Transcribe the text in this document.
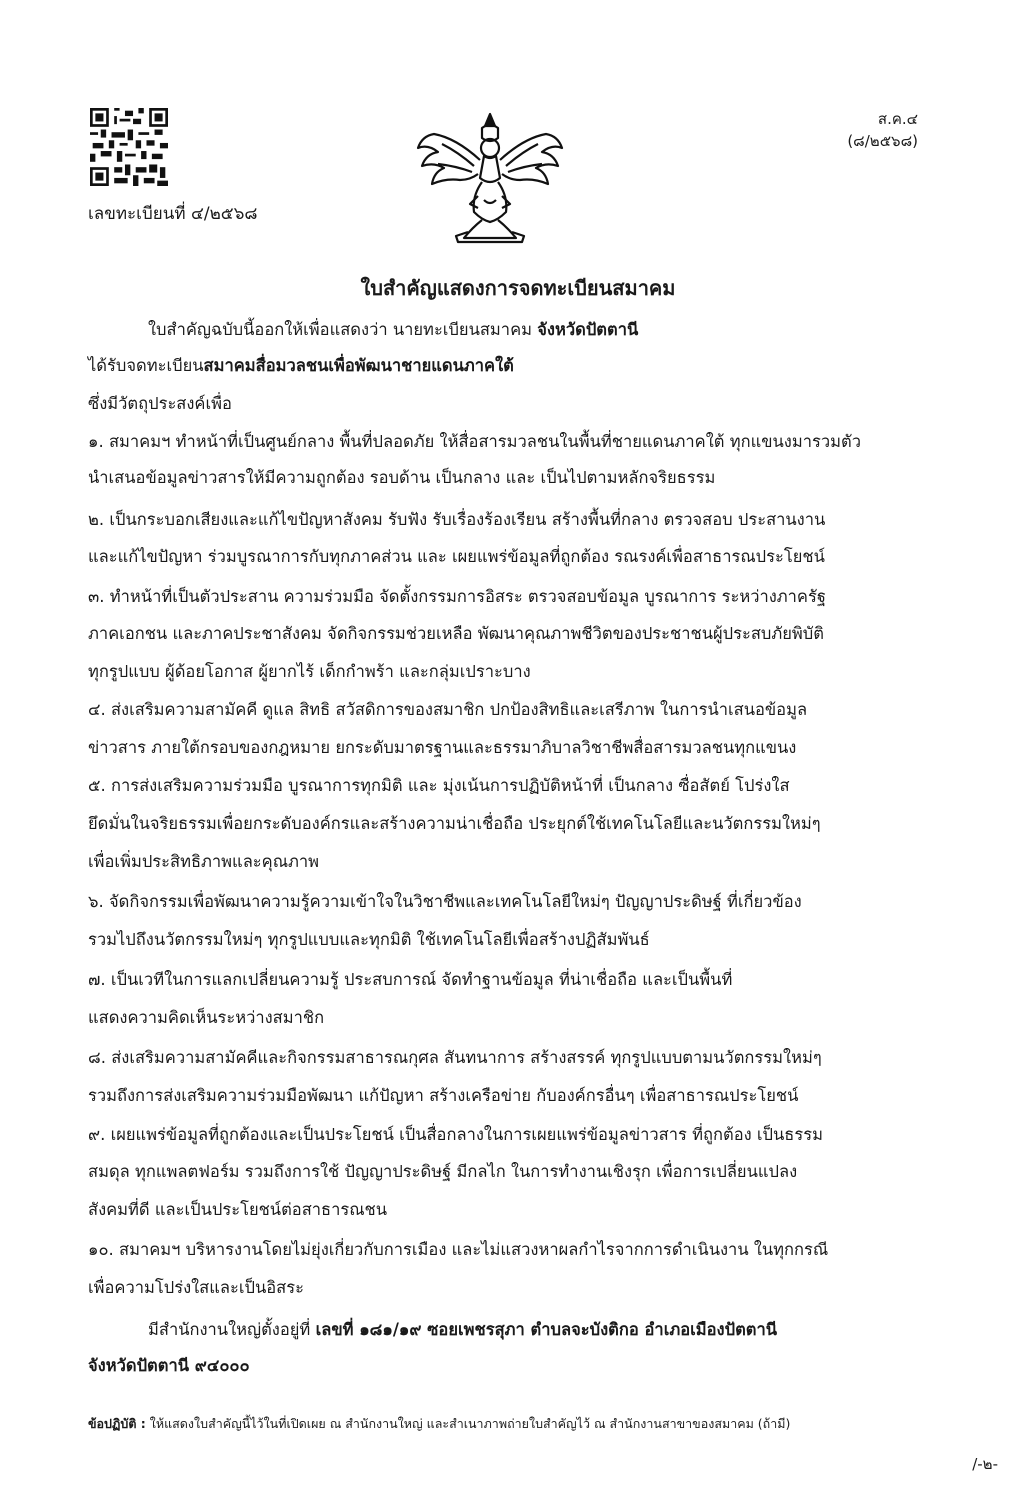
เลขทะเบียนที่ ๔/๒๕๖๘
ส.ค.๔
(๘/๒๕๖๘)
ใบสำคัญแสดงการจดทะเบียนสมาคม
ใบสำคัญฉบับนี้ออกให้เพื่อแสดงว่า นายทะเบียนสมาคม จังหวัดปัตตานี
ได้รับจดทะเบียนสมาคมสื่อมวลชนเพื่อพัฒนาชายแดนภาคใต้
ซึ่งมีวัตถุประสงค์เพื่อ
๑. สมาคมฯ ทำหน้าที่เป็นศูนย์กลาง พื้นที่ปลอดภัย ให้สื่อสารมวลชนในพื้นที่ชายแดนภาคใต้ ทุกแขนงมารวมตัว
นำเสนอข้อมูลข่าวสารให้มีความถูกต้อง รอบด้าน เป็นกลาง และ เป็นไปตามหลักจริยธรรม
๒. เป็นกระบอกเสียงและแก้ไขปัญหาสังคม รับฟัง รับเรื่องร้องเรียน สร้างพื้นที่กลาง ตรวจสอบ ประสานงาน
และแก้ไขปัญหา ร่วมบูรณาการกับทุกภาคส่วน และ เผยแพร่ข้อมูลที่ถูกต้อง รณรงค์เพื่อสาธารณประโยชน์
๓. ทำหน้าที่เป็นตัวประสาน ความร่วมมือ จัดตั้งกรรมการอิสระ ตรวจสอบข้อมูล บูรณาการ ระหว่างภาครัฐ
ภาคเอกชน และภาคประชาสังคม จัดกิจกรรมช่วยเหลือ พัฒนาคุณภาพชีวิตของประชาชนผู้ประสบภัยพิบัติ
ทุกรูปแบบ ผู้ด้อยโอกาส ผู้ยากไร้ เด็กกำพร้า และกลุ่มเปราะบาง
๔. ส่งเสริมความสามัคคี ดูแล สิทธิ สวัสดิการของสมาชิก ปกป้องสิทธิและเสรีภาพ ในการนำเสนอข้อมูล
ข่าวสาร ภายใต้กรอบของกฎหมาย ยกระดับมาตรฐานและธรรมาภิบาลวิชาชีพสื่อสารมวลชนทุกแขนง
๕. การส่งเสริมความร่วมมือ บูรณาการทุกมิติ และ มุ่งเน้นการปฏิบัติหน้าที่ เป็นกลาง ซื่อสัตย์ โปร่งใส
ยึดมั่นในจริยธรรมเพื่อยกระดับองค์กรและสร้างความน่าเชื่อถือ ประยุกต์ใช้เทคโนโลยีและนวัตกรรมใหม่ๆ
เพื่อเพิ่มประสิทธิภาพและคุณภาพ
๖. จัดกิจกรรมเพื่อพัฒนาความรู้ความเข้าใจในวิชาชีพและเทคโนโลยีใหม่ๆ ปัญญาประดิษฐ์ ที่เกี่ยวข้อง
รวมไปถึงนวัตกรรมใหม่ๆ ทุกรูปแบบและทุกมิติ ใช้เทคโนโลยีเพื่อสร้างปฏิสัมพันธ์
๗. เป็นเวทีในการแลกเปลี่ยนความรู้ ประสบการณ์ จัดทำฐานข้อมูล ที่น่าเชื่อถือ และเป็นพื้นที่
แสดงความคิดเห็นระหว่างสมาชิก
๘. ส่งเสริมความสามัคคีและกิจกรรมสาธารณกุศล สันทนาการ สร้างสรรค์ ทุกรูปแบบตามนวัตกรรมใหม่ๆ
รวมถึงการส่งเสริมความร่วมมือพัฒนา แก้ปัญหา สร้างเครือข่าย กับองค์กรอื่นๆ เพื่อสาธารณประโยชน์
๙. เผยแพร่ข้อมูลที่ถูกต้องและเป็นประโยชน์ เป็นสื่อกลางในการเผยแพร่ข้อมูลข่าวสาร ที่ถูกต้อง เป็นธรรม
สมดุล ทุกแพลตฟอร์ม รวมถึงการใช้ ปัญญาประดิษฐ์ มีกลไก ในการทำงานเชิงรุก เพื่อการเปลี่ยนแปลง
สังคมที่ดี และเป็นประโยชน์ต่อสาธารณชน
๑๐. สมาคมฯ บริหารงานโดยไม่ยุ่งเกี่ยวกับการเมือง และไม่แสวงหาผลกำไรจากการดำเนินงาน ในทุกกรณี
เพื่อความโปร่งใสและเป็นอิสระ
มีสำนักงานใหญ่ตั้งอยู่ที่ เลขที่ ๑๘๑/๑๙ ซอยเพชรสุภา ตำบลจะบังติกอ อำเภอเมืองปัตตานี
จังหวัดปัตตานี ๙๔๐๐๐
ข้อปฏิบัติ : ให้แสดงใบสำคัญนี้ไว้ในที่เปิดเผย ณ สำนักงานใหญ่ และสำเนาภาพถ่ายใบสำคัญไว้ ณ สำนักงานสาขาของสมาคม (ถ้ามี)
/-๒-
